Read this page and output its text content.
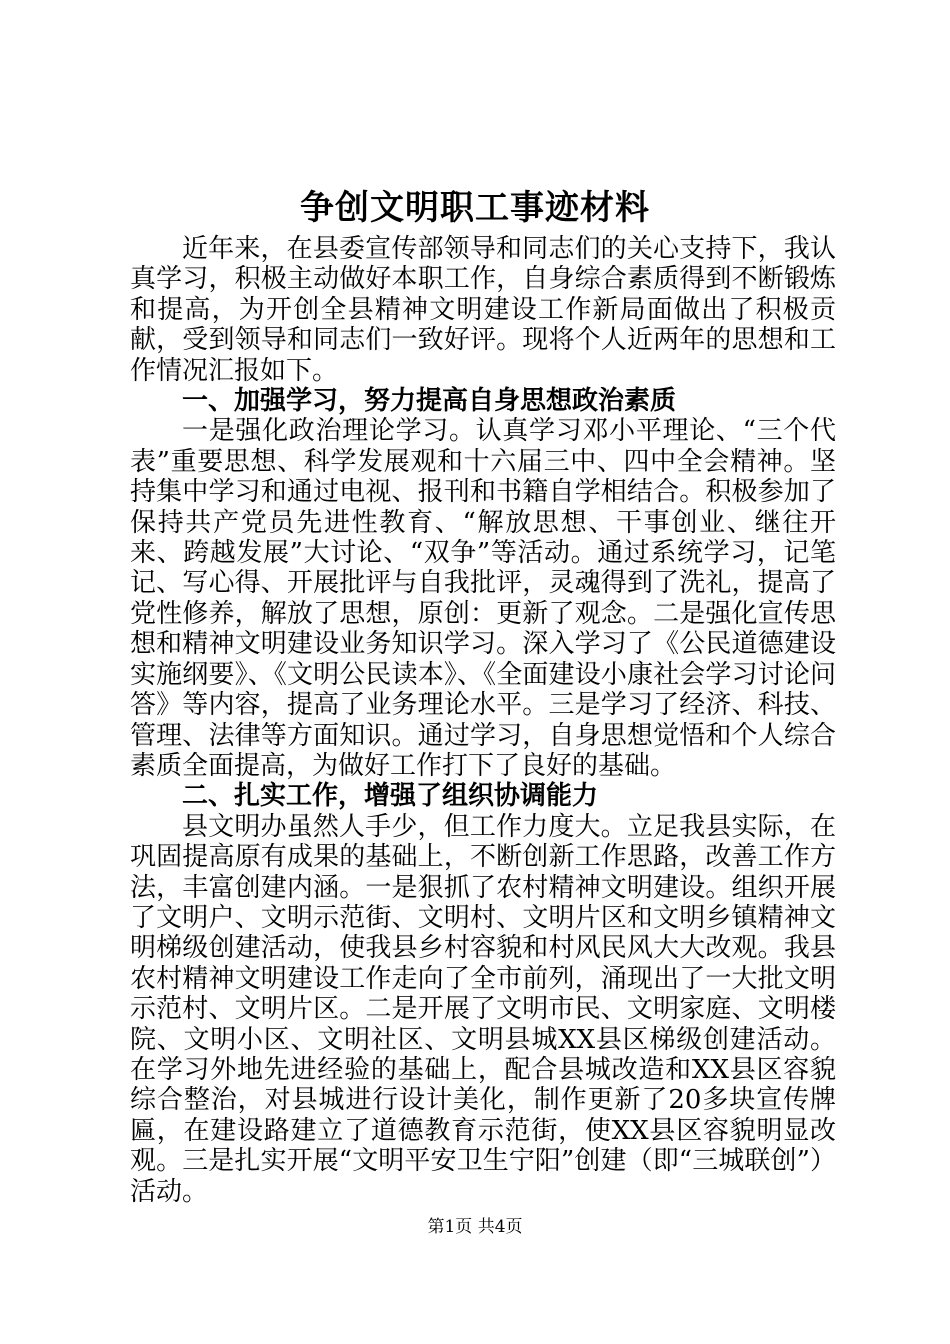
争创文明职工事迹材料

近年来，在县委宣传部领导和同志们的关心支持下，我认真学习，积极主动做好本职工作，自身综合素质得到不断锻炼和提高，为开创全县精神文明建设工作新局面做出了积极贡献，受到领导和同志们一致好评。现将个人近两年的思想和工作情况汇报如下。

一、加强学习，努力提高自身思想政治素质

一是强化政治理论学习。认真学习邓小平理论、“三个代表”重要思想、科学发展观和十六届三中、四中全会精神。坚持集中学习和通过电视、报刊和书籍自学相结合。积极参加了保持共产党员先进性教育、“解放思想、干事创业、继往开来、跨越发展”大讨论、“双争”等活动。通过系统学习，记笔记、写心得、开展批评与自我批评，灵魂得到了洗礼，提高了党性修养，解放了思想，原创：更新了观念。二是强化宣传思想和精神文明建设业务知识学习。深入学习了《公民道德建设实施纲要》、《文明公民读本》、《全面建设小康社会学习讨论问答》等内容，提高了业务理论水平。三是学习了经济、科技、管理、法律等方面知识。通过学习，自身思想觉悟和个人综合素质全面提高，为做好工作打下了良好的基础。

二、扎实工作，增强了组织协调能力

县文明办虽然人手少，但工作力度大。立足我县实际，在巩固提高原有成果的基础上，不断创新工作思路，改善工作方法，丰富创建内涵。一是狠抓了农村精神文明建设。组织开展了文明户、文明示范街、文明村、文明片区和文明乡镇精神文明梯级创建活动，使我县乡村容貌和村风民风大大改观。我县农村精神文明建设工作走向了全市前列，涌现出了一大批文明示范村、文明片区。二是开展了文明市民、文明家庭、文明楼院、文明小区、文明社区、文明县城XX县区梯级创建活动。在学习外地先进经验的基础上，配合县城改造和XX县区容貌综合整治，对县城进行设计美化，制作更新了20多块宣传牌匾，在建设路建立了道德教育示范街，使XX县区容貌明显改观。三是扎实开展“文明平安卫生宁阳”创建（即“三城联创”）活动。

第1页 共4页
